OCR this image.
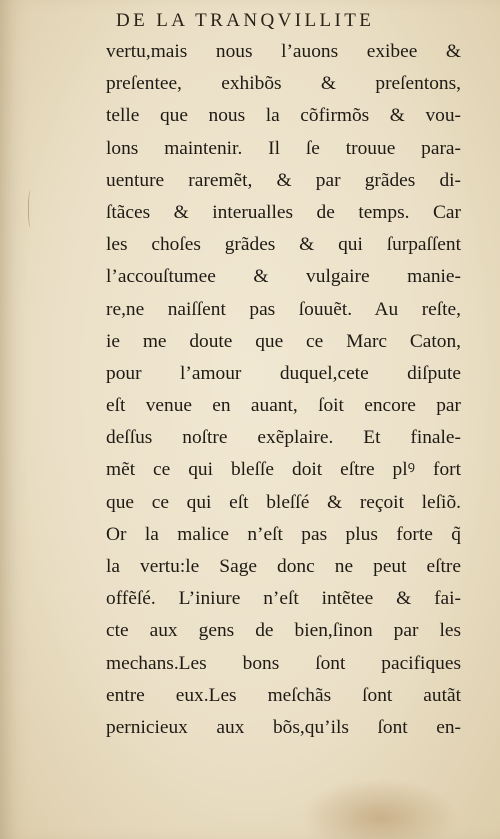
DE LA TRANQVILLITE
vertu,mais nous l’auons exibee &
preſentee, exhibõs & preſentons,
telle que nous la cõfirmõs & vou-
lons maintenir. Il ſe trouue para-
uenture raremẽt, & par grãdes di-
ſtãces & interualles de temps. Car
les choſes grãdes & qui ſurpaſſent
l’accouſtumee & vulgaire manie-
re,ne naiſſent pas ſouuẽt. Au reſte,
ie me doute que ce Marc Caton,
pour l’amour duquel,cete diſpute
eſt venue en auant, ſoit encore par
deſſus noſtre exẽplaire. Et finale-
mẽt ce qui bleſſe doit eſtre plꝰ fort
que ce qui eſt bleſſé & reçoit leſiõ.
Or la malice n’eſt pas plus forte q̃
la vertu:le Sage donc ne peut eſtre
offẽſé. L’iniure n’eſt intẽtee & fai-
cte aux gens de bien,ſinon par les
mechans.Les bons ſont pacifiques
entre eux.Les meſchãs ſont autãt
pernicieux aux bõs,qu’ils ſont en-
